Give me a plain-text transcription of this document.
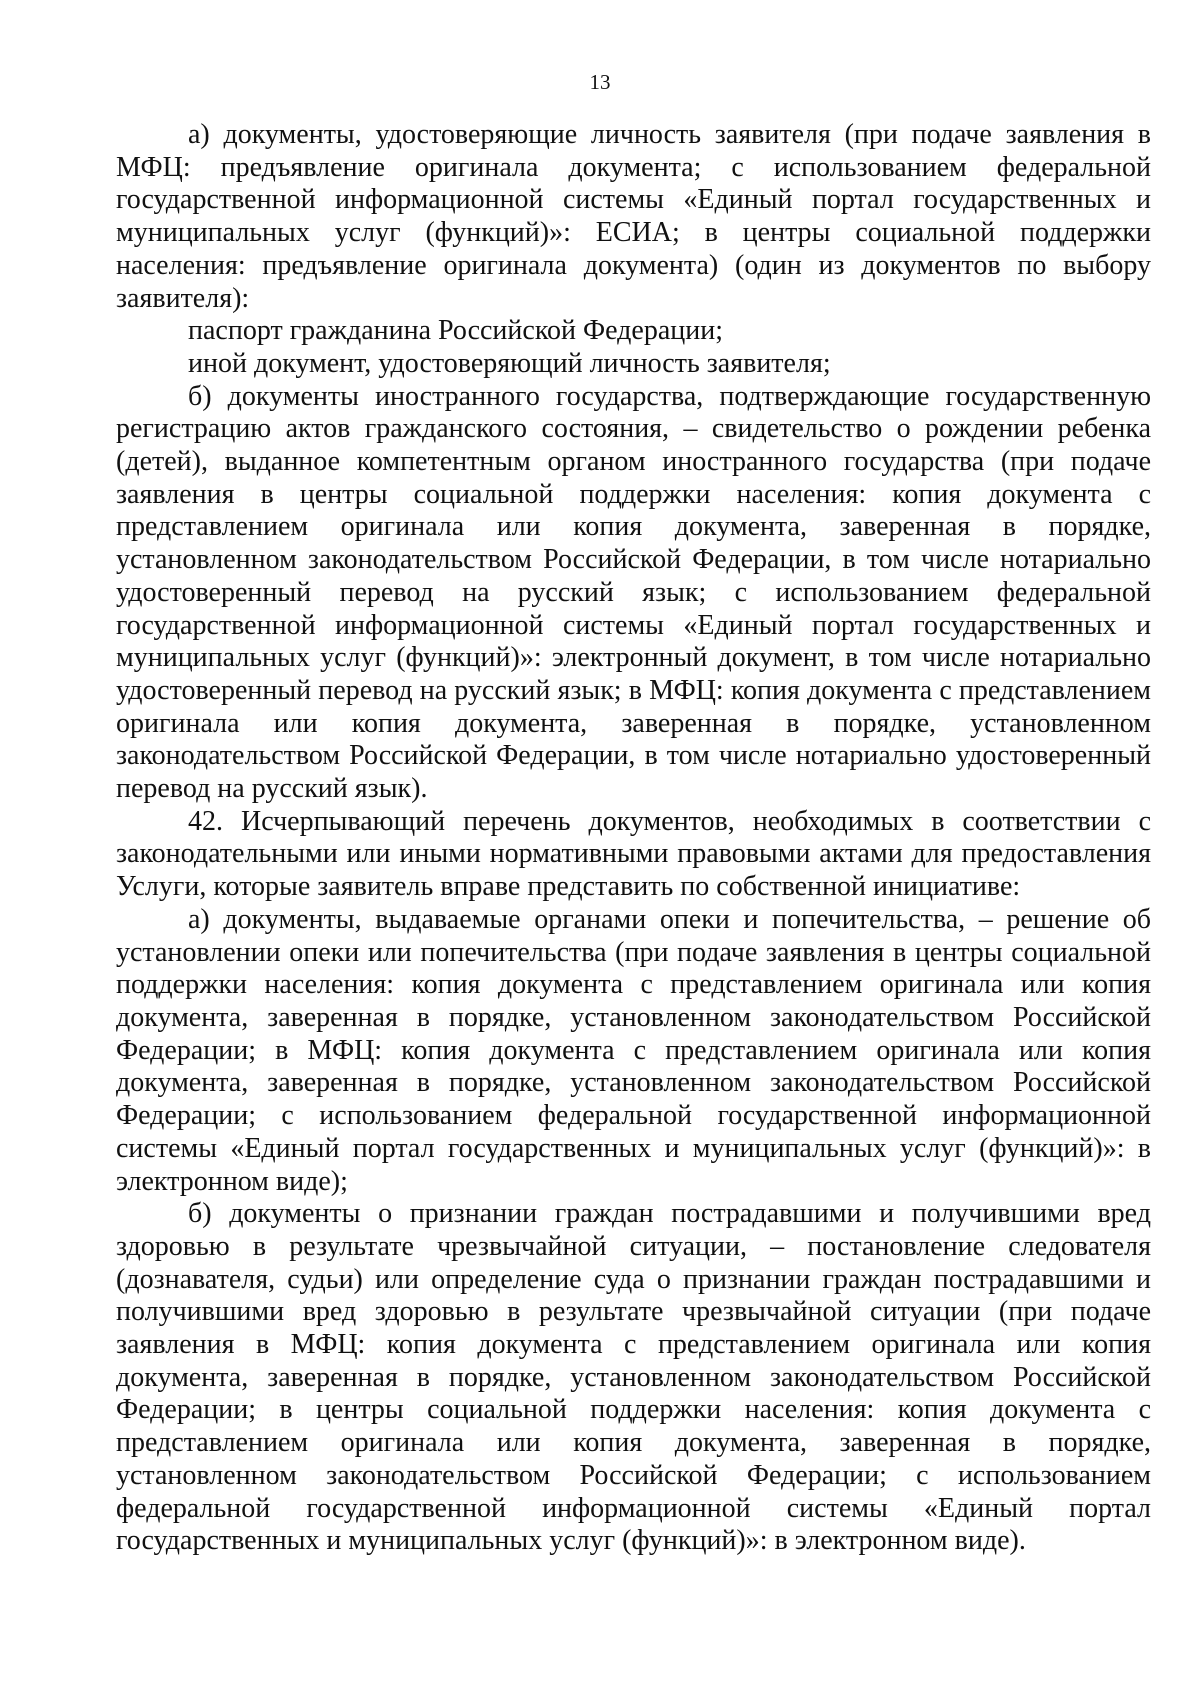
13

а) документы, удостоверяющие личность заявителя (при подаче заявления в МФЦ: предъявление оригинала документа; с использованием федеральной государственной информационной системы «Единый портал государственных и муниципальных услуг (функций)»: ЕСИА; в центры социальной поддержки населения: предъявление оригинала документа) (один из документов по выбору заявителя):

паспорт гражданина Российской Федерации;

иной документ, удостоверяющий личность заявителя;

б) документы иностранного государства, подтверждающие государственную регистрацию актов гражданского состояния, – свидетельство о рождении ребенка (детей), выданное компетентным органом иностранного государства (при подаче заявления в центры социальной поддержки населения: копия документа с представлением оригинала или копия документа, заверенная в порядке, установленном законодательством Российской Федерации, в том числе нотариально удостоверенный перевод на русский язык; с использованием федеральной государственной информационной системы «Единый портал государственных и муниципальных услуг (функций)»: электронный документ, в том числе нотариально удостоверенный перевод на русский язык; в МФЦ: копия документа с представлением оригинала или копия документа, заверенная в порядке, установленном законодательством Российской Федерации, в том числе нотариально удостоверенный перевод на русский язык).

42. Исчерпывающий перечень документов, необходимых в соответствии с законодательными или иными нормативными правовыми актами для предоставления Услуги, которые заявитель вправе представить по собственной инициативе:

а) документы, выдаваемые органами опеки и попечительства, – решение об установлении опеки или попечительства (при подаче заявления в центры социальной поддержки населения: копия документа с представлением оригинала или копия документа, заверенная в порядке, установленном законодательством Российской Федерации; в МФЦ: копия документа с представлением оригинала или копия документа, заверенная в порядке, установленном законодательством Российской Федерации; с использованием федеральной государственной информационной системы «Единый портал государственных и муниципальных услуг (функций)»: в электронном виде);

б) документы о признании граждан пострадавшими и получившими вред здоровью в результате чрезвычайной ситуации, – постановление следователя (дознавателя, судьи) или определение суда о признании граждан пострадавшими и получившими вред здоровью в результате чрезвычайной ситуации (при подаче заявления в МФЦ: копия документа с представлением оригинала или копия документа, заверенная в порядке, установленном законодательством Российской Федерации; в центры социальной поддержки населения: копия документа с представлением оригинала или копия документа, заверенная в порядке, установленном законодательством Российской Федерации; с использованием федеральной государственной информационной системы «Единый портал государственных и муниципальных услуг (функций)»: в электронном виде).
